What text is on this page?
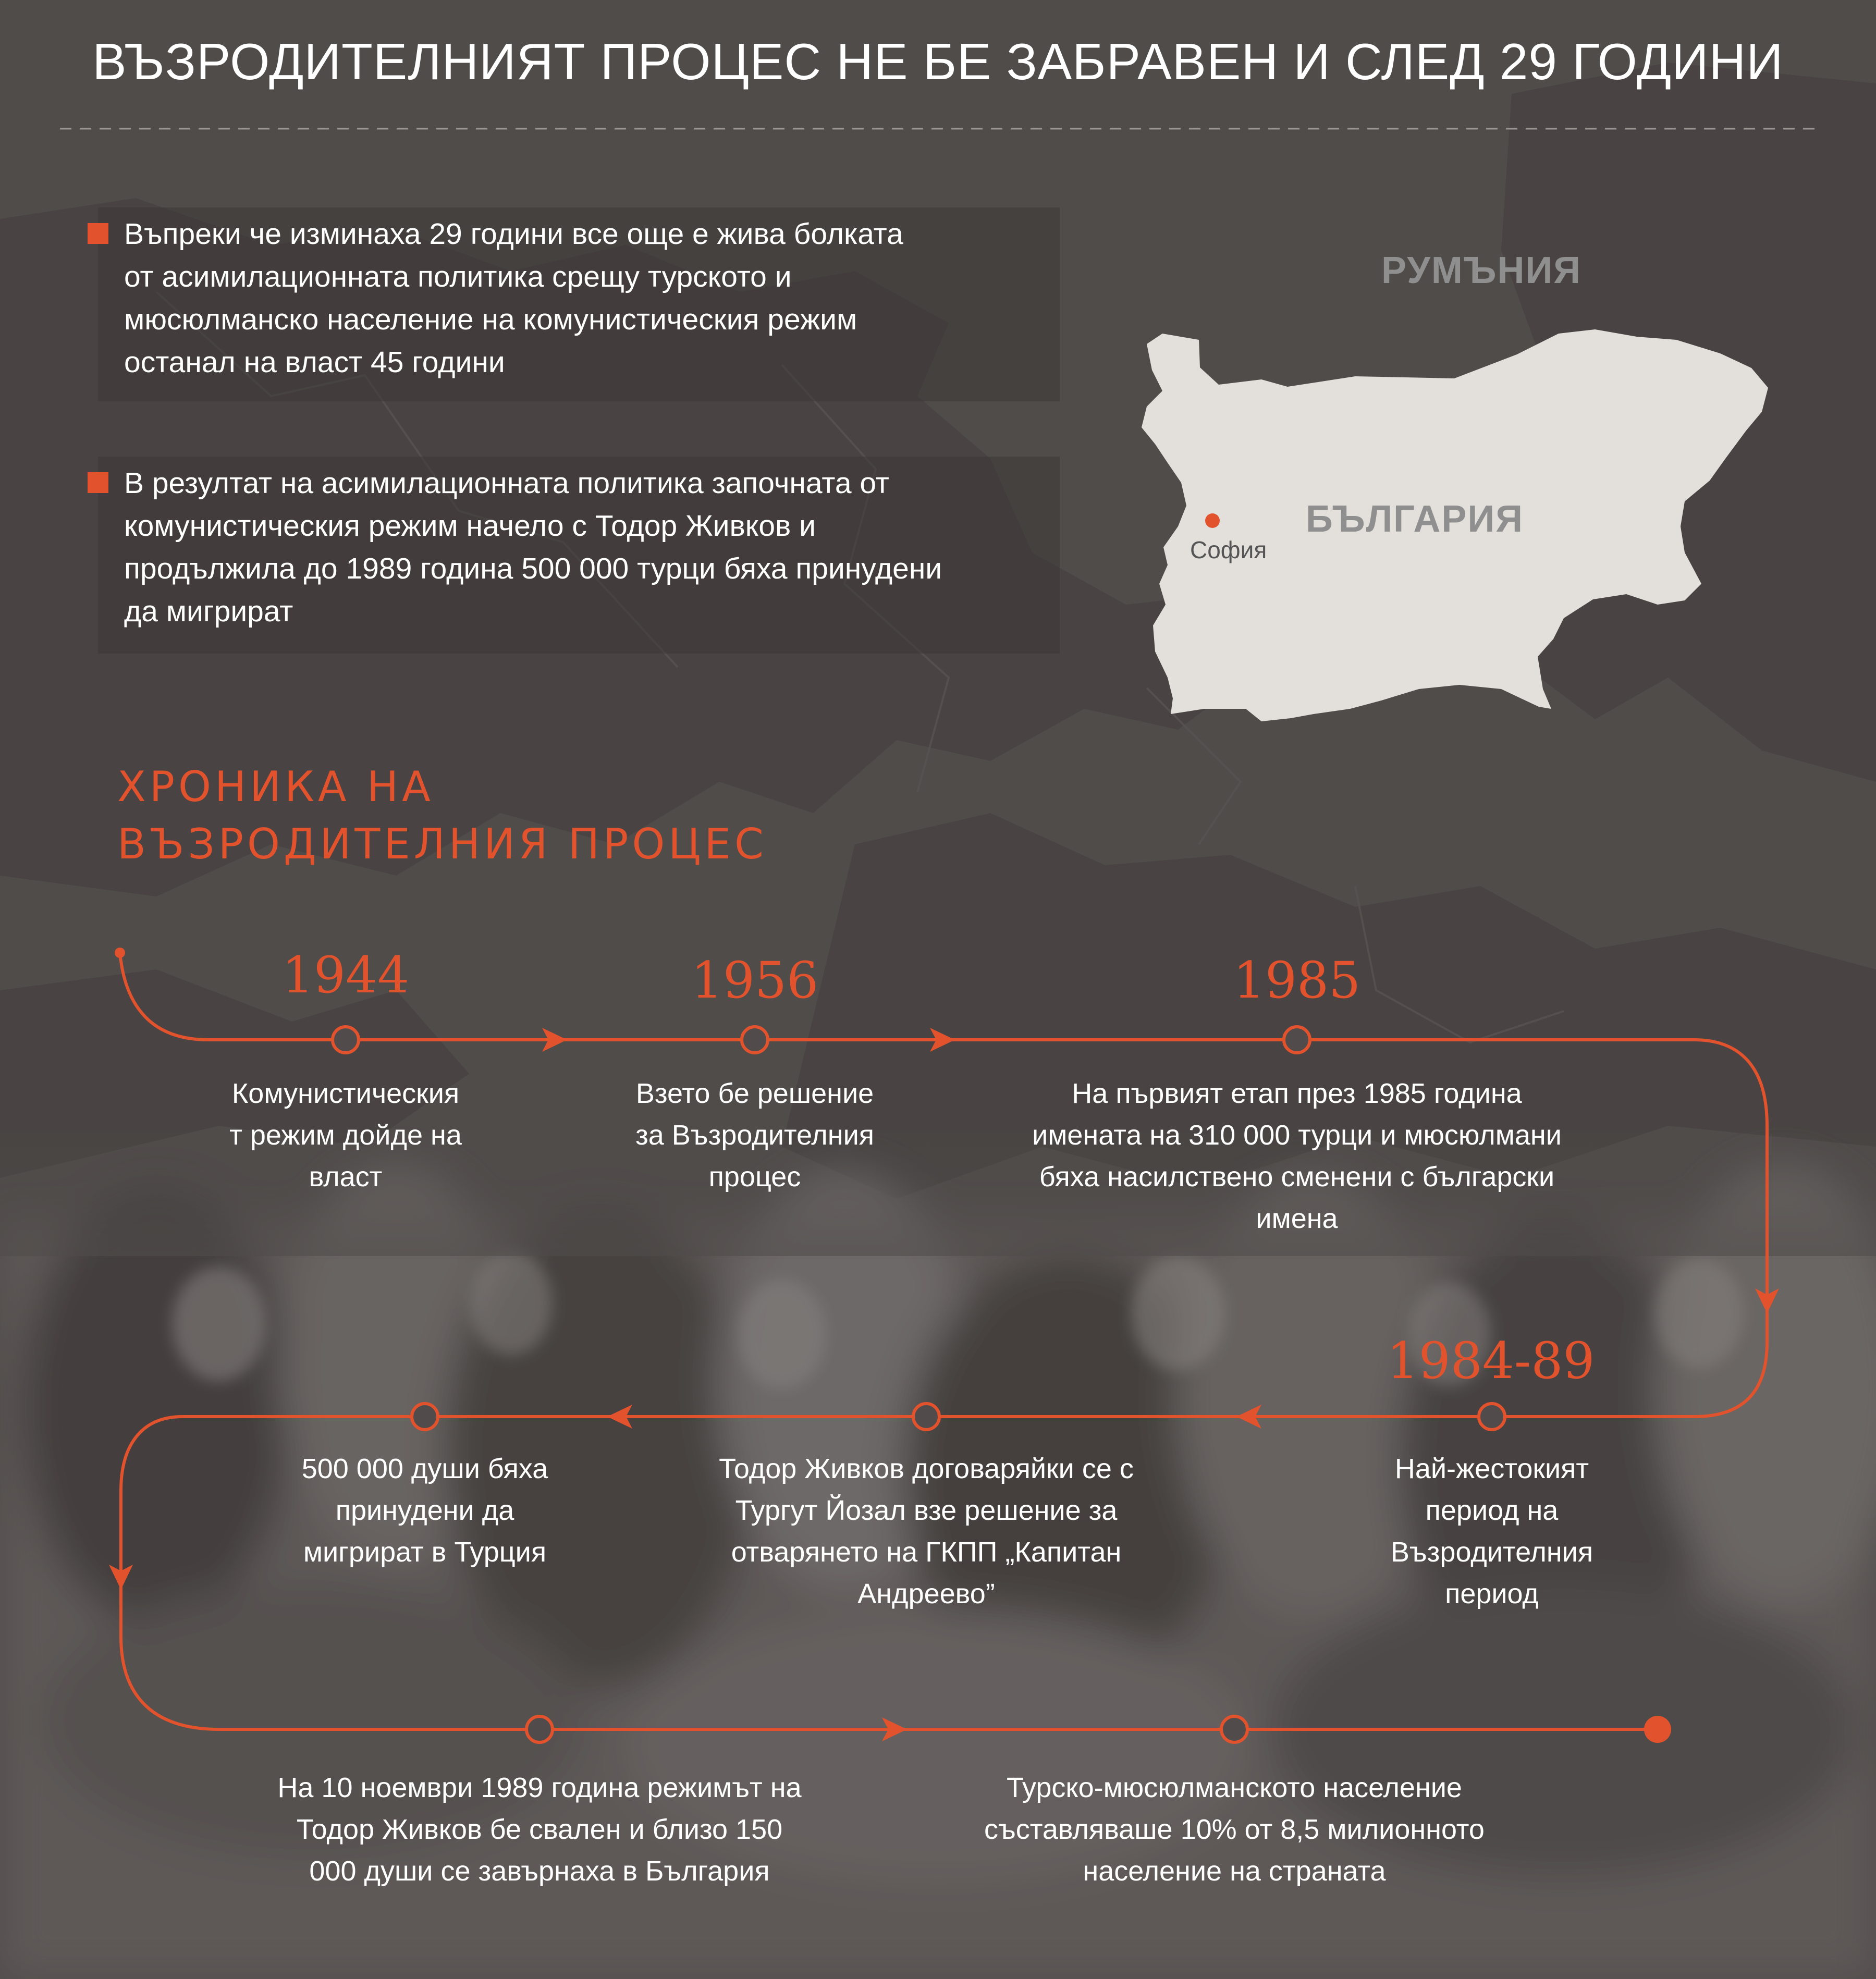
ВЪЗРОДИТЕЛНИЯТ ПРОЦЕС НЕ БЕ ЗАБРАВЕН И СЛЕД 29 ГОДИНИ
Въпреки че изминаха 29 години все още е жива болката
от асимилационната политика срещу турското и
мюсюлманско население на комунистическия режим
останал на власт 45 години
В резултат на асимилационната политика започната от
комунистическия режим начело с Тодор Живков и
продължила до 1989 година 500 000 турци бяха принудени
да мигрират
РУМЪНИЯ
БЪЛГАРИЯ
София
ХРОНИКА НА
ВЪЗРОДИТЕЛНИЯ ПРОЦЕС
1944	1956	1985
1984-89
Комунистическия
т режим дойде на
власт
Взето бе решение
за Възродителния
процес
На първият етап през 1985 година
имената на 310 000 турци и мюсюлмани
бяха насилствено сменени с български
имена
Най-жестокият
период на
Възродителния
период
Тодор Живков договаряйки се с
Тургут Йозал взе решение за
отварянето на ГКПП „Капитан
Андреево”
500 000 души бяха
принудени да
мигрират в Турция
На 10 ноември 1989 година режимът на
Тодор Живков бе свален и близо 150
000 души се завърнаха в България
Турско-мюсюлманското население
съставляваше 10% от 8,5 милионното
население на страната
